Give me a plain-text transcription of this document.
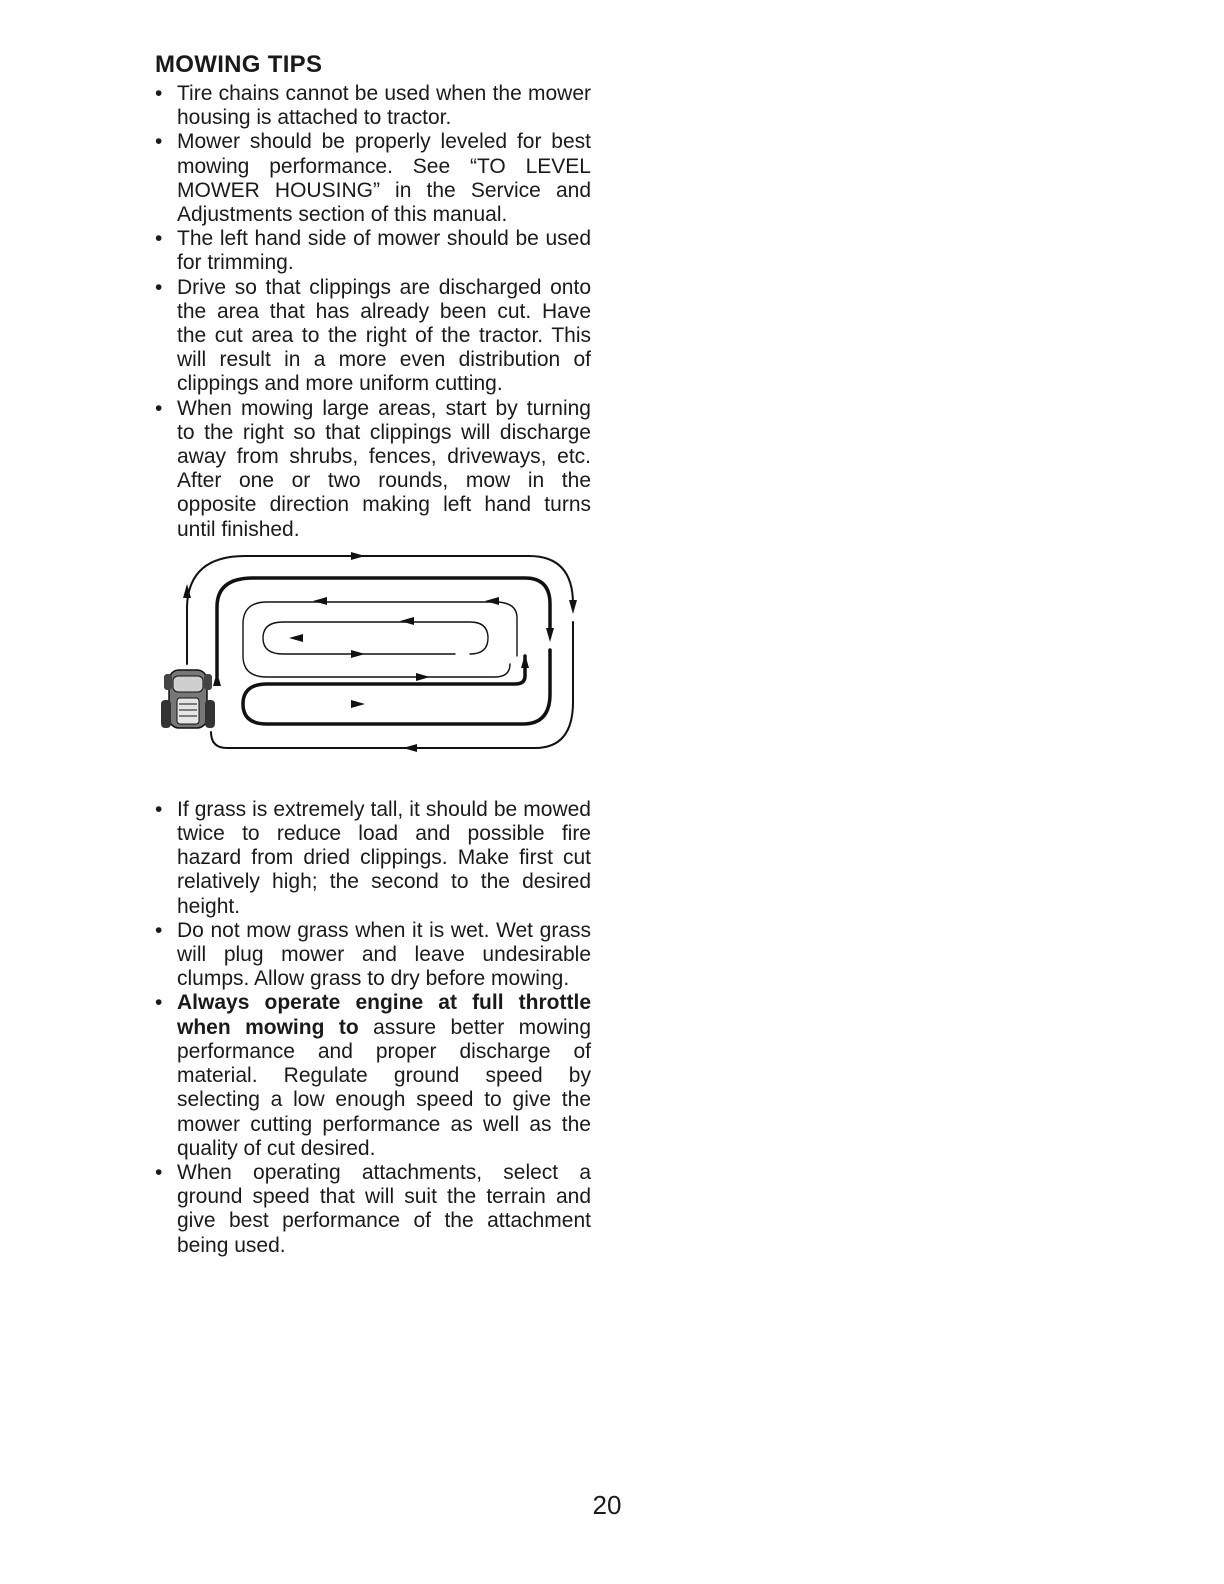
MOWING TIPS
• Tire chains cannot be used when the mower housing is attached to tractor.
• Mower should be properly leveled for best mowing performance. See “TO LEVEL MOWER HOUSING” in the Service and Adjustments section of this manual.
• The left hand side of mower should be used for trimming.
• Drive so that clippings are discharged onto the area that has already been cut. Have the cut area to the right of the tractor. This will result in a more even distribution of clippings and more uniform cutting.
• When mowing large areas, start by turning to the right so that clippings will discharge away from shrubs, fences, driveways, etc. After one or two rounds, mow in the opposite direction making left hand turns until finished.
• If grass is extremely tall, it should be mowed twice to reduce load and possible fire hazard from dried clippings. Make first cut relatively high; the second to the desired height.
• Do not mow grass when it is wet. Wet grass will plug mower and leave undesirable clumps. Allow grass to dry before mowing.
• Always operate engine at full throttle when mowing to assure better mowing performance and proper discharge of material. Regulate ground speed by selecting a low enough speed to give the mower cutting performance as well as the quality of cut desired.
• When operating attachments, select a ground speed that will suit the terrain and give best performance of the attachment being used.
20
